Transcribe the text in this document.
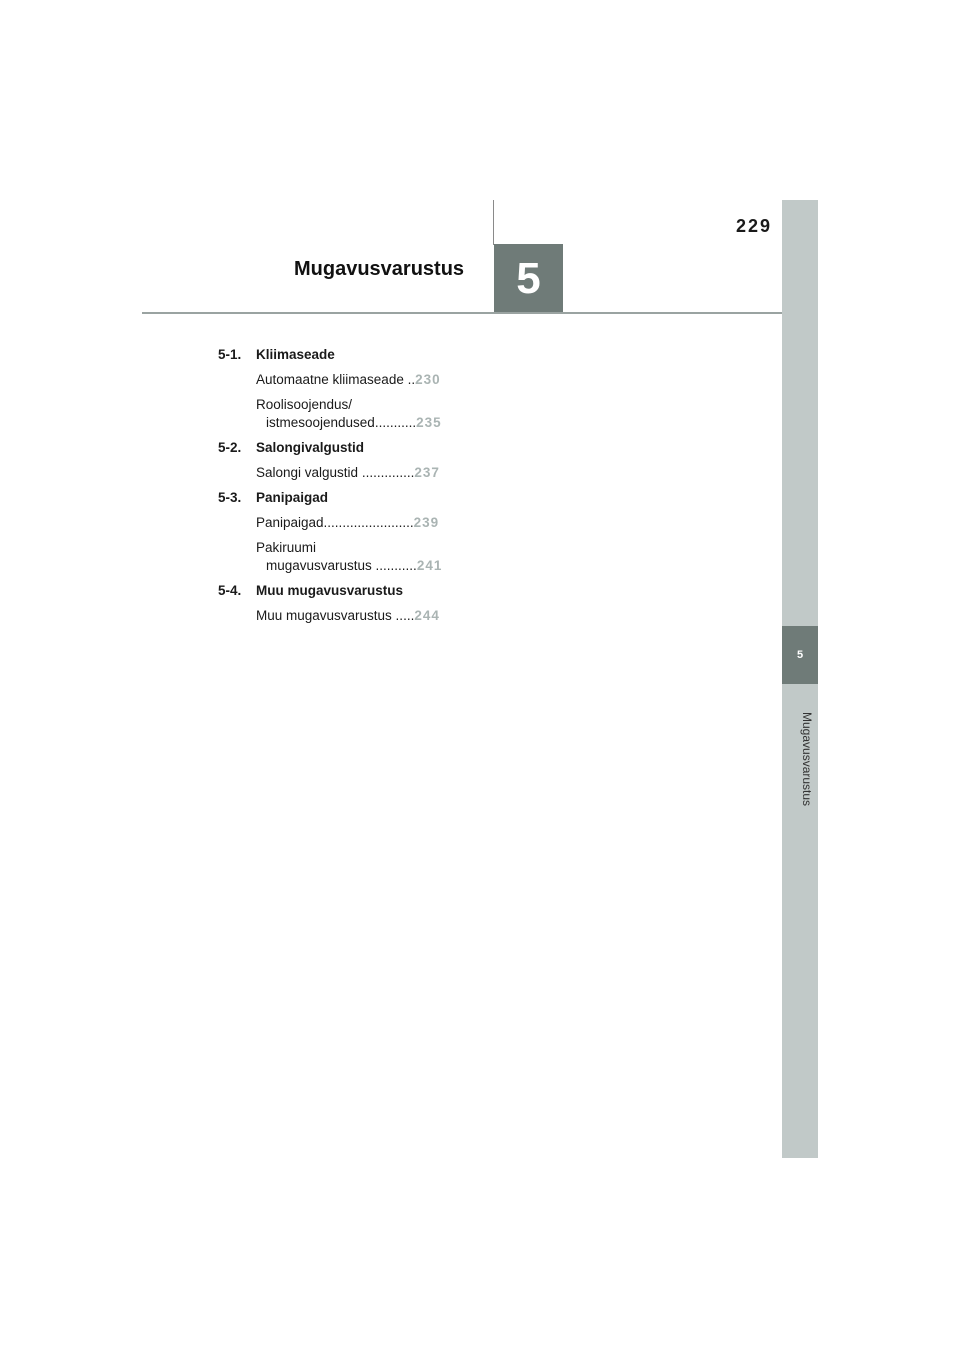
229
Mugavusvarustus	5
5
Mugavusvarustus
5-1. Kliimaseade
Automaatne kliimaseade ..230
Roolisoojendus/
istmesoojendused...........235
5-2. Salongivalgustid
Salongi valgustid ..............237
5-3. Panipaigad
Panipaigad........................239
Pakiruumi
mugavusvarustus ...........241
5-4. Muu mugavusvarustus
Muu mugavusvarustus .....244
